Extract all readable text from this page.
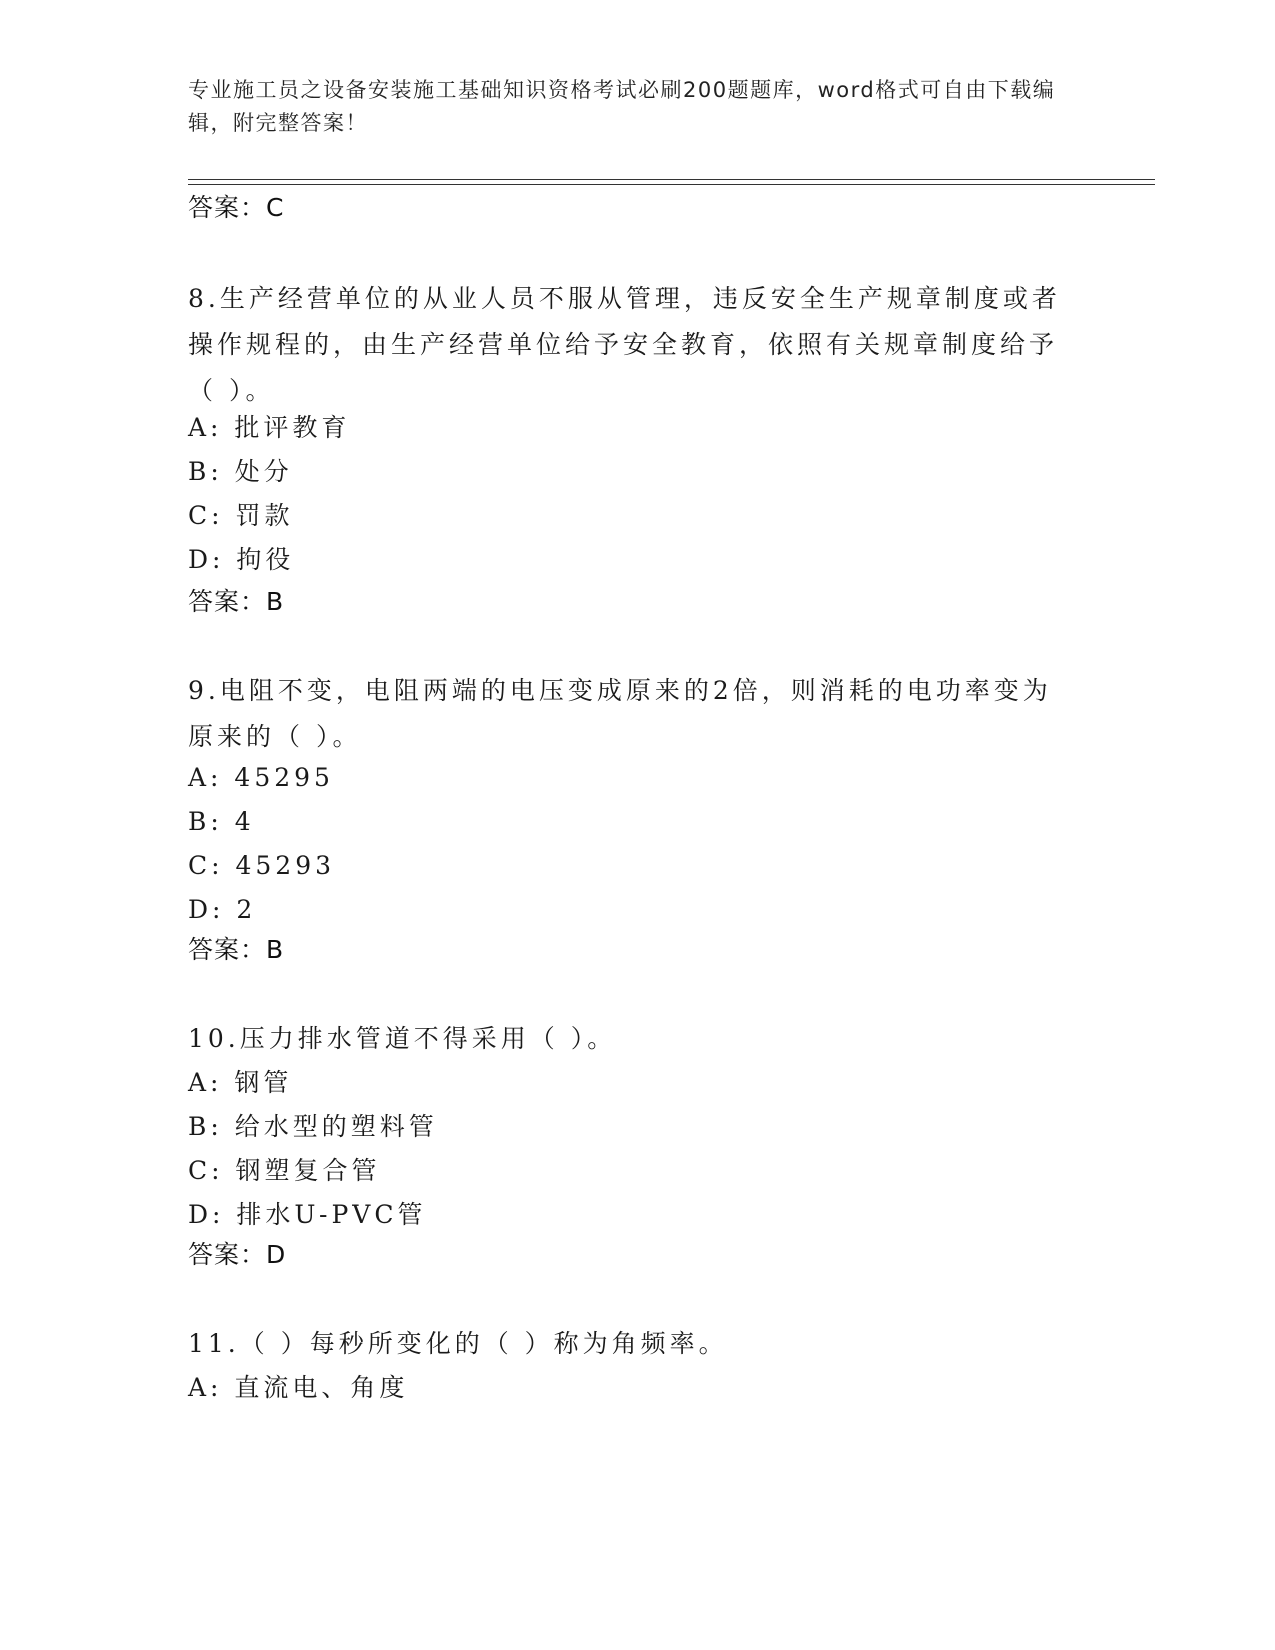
专业施工员之设备安装施工基础知识资格考试必刷200题题库，word格式可自由下载编辑，附完整答案！
答案：C
8.生产经营单位的从业人员不服从管理，违反安全生产规章制度或者操作规程的，由生产经营单位给予安全教育，依照有关规章制度给予（ ）。
A: 批评教育
B: 处分
C: 罚款
D: 拘役
答案：B
9.电阻不变，电阻两端的电压变成原来的2倍，则消耗的电功率变为原来的（ ）。
A: 45295
B: 4
C: 45293
D: 2
答案：B
10.压力排水管道不得采用（ ）。
A: 钢管
B: 给水型的塑料管
C: 钢塑复合管
D: 排水U-PVC管
答案：D
11.（ ）每秒所变化的（ ）称为角频率。
A: 直流电、角度
